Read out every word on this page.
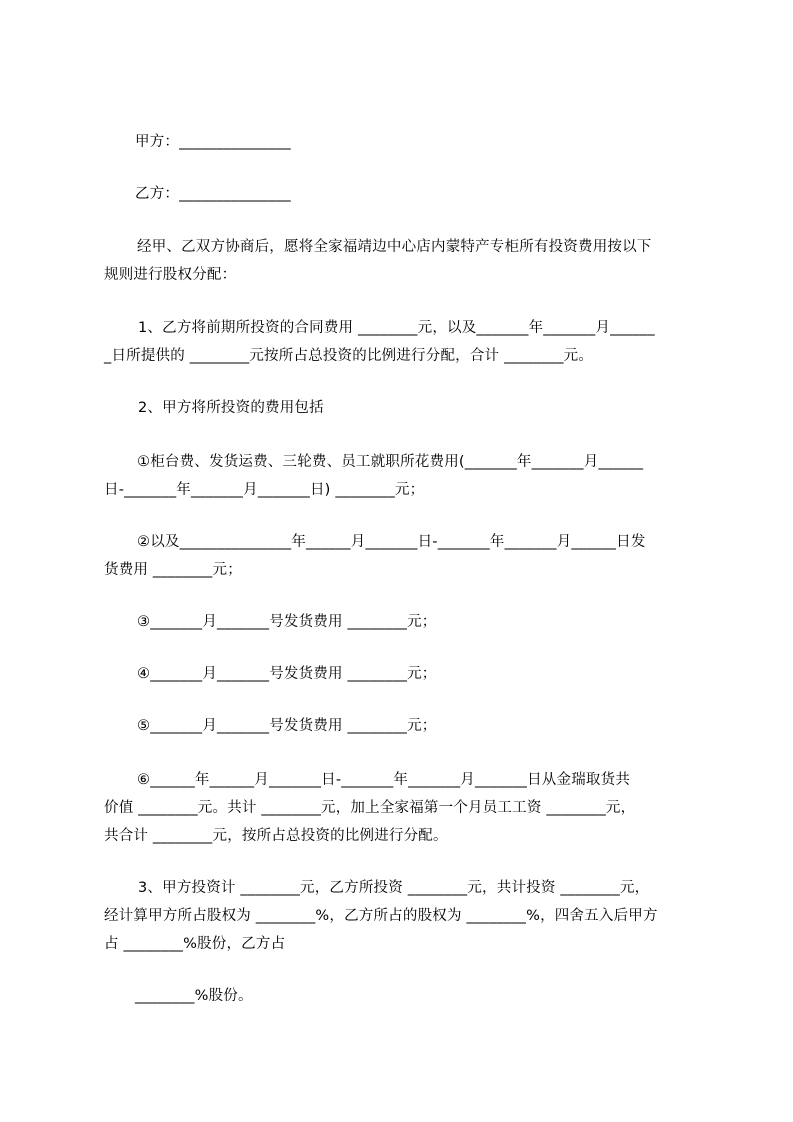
甲方：_______________
乙方：_______________
经甲、乙双方协商后，愿将全家福靖边中心店内蒙特产专柜所有投资费用按以下
规则进行股权分配：
1、乙方将前期所投资的合同费用 ________元，以及_______年_______月______
_日所提供的 ________元按所占总投资的比例进行分配，合计 ________元。
2、甲方将所投资的费用包括
①柜台费、发货运费、三轮费、员工就职所花费用(_______年_______月______
日-_______年_______月_______日) ________元；
②以及_______________年______月_______日-_______年_______月______日发
货费用 ________元；
③_______月_______号发货费用 ________元；
④_______月_______号发货费用 ________元；
⑤_______月_______号发货费用 ________元；
⑥______年______月_______日-_______年_______月_______日从金瑞取货共
价值 ________元。共计 ________元，加上全家福第一个月员工工资 ________元，
共合计 ________元，按所占总投资的比例进行分配。
3、甲方投资计 ________元，乙方所投资 ________元，共计投资 ________元，
经计算甲方所占股权为 ________%，乙方所占的股权为 ________%，四舍五入后甲方
占 ________%股份，乙方占
________%股份。
